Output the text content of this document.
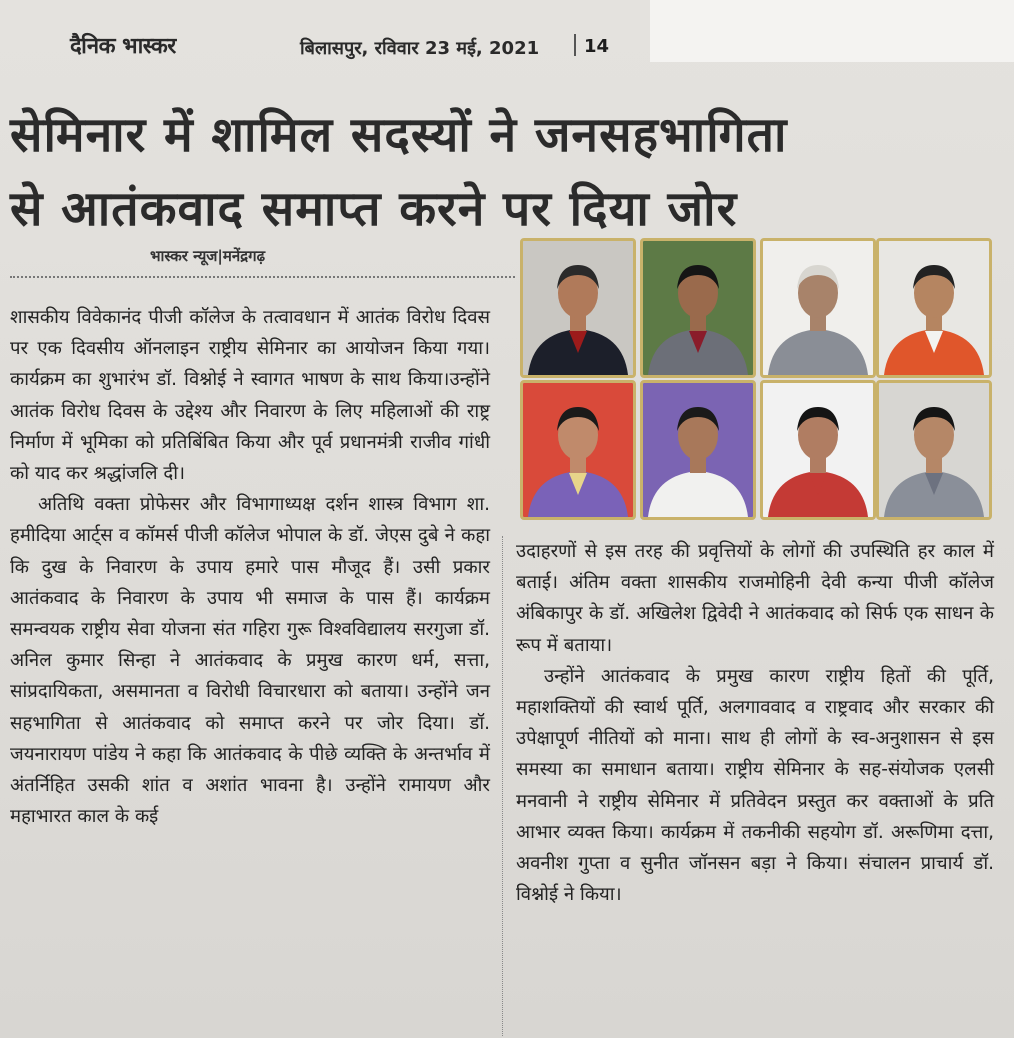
दैनिक भास्कर	बिलासपुर, रविवार 23 मई, 2021 14
सेमिनार में शामिल सदस्यों ने जनसहभागिता
से आतंकवाद समाप्त करने पर दिया जोर
भास्कर न्यूज|मनेंद्रगढ़

शासकीय विवेकानंद पीजी कॉलेज के तत्वावधान में आतंक विरोध दिवस पर एक दिवसीय ऑनलाइन राष्ट्रीय सेमिनार का आयोजन किया गया। कार्यक्रम का शुभारंभ डॉ. विश्नोई ने स्वागत भाषण के साथ किया।उन्होंने आतंक विरोध दिवस के उद्देश्य और निवारण के लिए महिलाओं की राष्ट्र निर्माण में भूमिका को प्रतिबिंबित किया और पूर्व प्रधानमंत्री राजीव गांधी को याद कर श्रद्धांजलि दी।

अतिथि वक्ता प्रोफेसर और विभागाध्यक्ष दर्शन शास्त्र विभाग शा. हमीदिया आर्ट्स व कॉमर्स पीजी कॉलेज भोपाल के डॉ. जेएस दुबे ने कहा कि दुख के निवारण के उपाय हमारे पास मौजूद हैं। उसी प्रकार आतंकवाद के निवारण के उपाय भी समाज के पास हैं। कार्यक्रम समन्वयक राष्ट्रीय सेवा योजना संत गहिरा गुरू विश्वविद्यालय सरगुजा डॉ. अनिल कुमार सिन्हा ने आतंकवाद के प्रमुख कारण धर्म, सत्ता, सांप्रदायिकता, असमानता व विरोधी विचारधारा को बताया। उन्होंने जन सहभागिता से आतंकवाद को समाप्त करने पर जोर दिया। डॉ. जयनारायण पांडेय ने कहा कि आतंकवाद के पीछे व्यक्ति के अन्तर्भाव में अंतर्निहित उसकी शांत व अशांत भावना है। उन्होंने रामायण और महाभारत काल के कई

उदाहरणों से इस तरह की प्रवृत्तियों के लोगों की उपस्थिति हर काल में बताई। अंतिम वक्ता शासकीय राजमोहिनी देवी कन्या पीजी कॉलेज अंबिकापुर के डॉ. अखिलेश द्विवेदी ने आतंकवाद को सिर्फ एक साधन के रूप में बताया।

उन्होंने आतंकवाद के प्रमुख कारण राष्ट्रीय हितों की पूर्ति, महाशक्तियों की स्वार्थ पूर्ति, अलगाववाद व राष्ट्रवाद और सरकार की उपेक्षापूर्ण नीतियों को माना। साथ ही लोगों के स्व-अनुशासन से इस समस्या का समाधान बताया। राष्ट्रीय सेमिनार के सह-संयोजक एलसी मनवानी ने राष्ट्रीय सेमिनार में प्रतिवेदन प्रस्तुत कर वक्ताओं के प्रति आभार व्यक्त किया। कार्यक्रम में तकनीकी सहयोग डॉ. अरूणिमा दत्ता, अवनीश गुप्ता व सुनीत जॉनसन बड़ा ने किया। संचालन प्राचार्य डॉ. विश्नोई ने किया।
